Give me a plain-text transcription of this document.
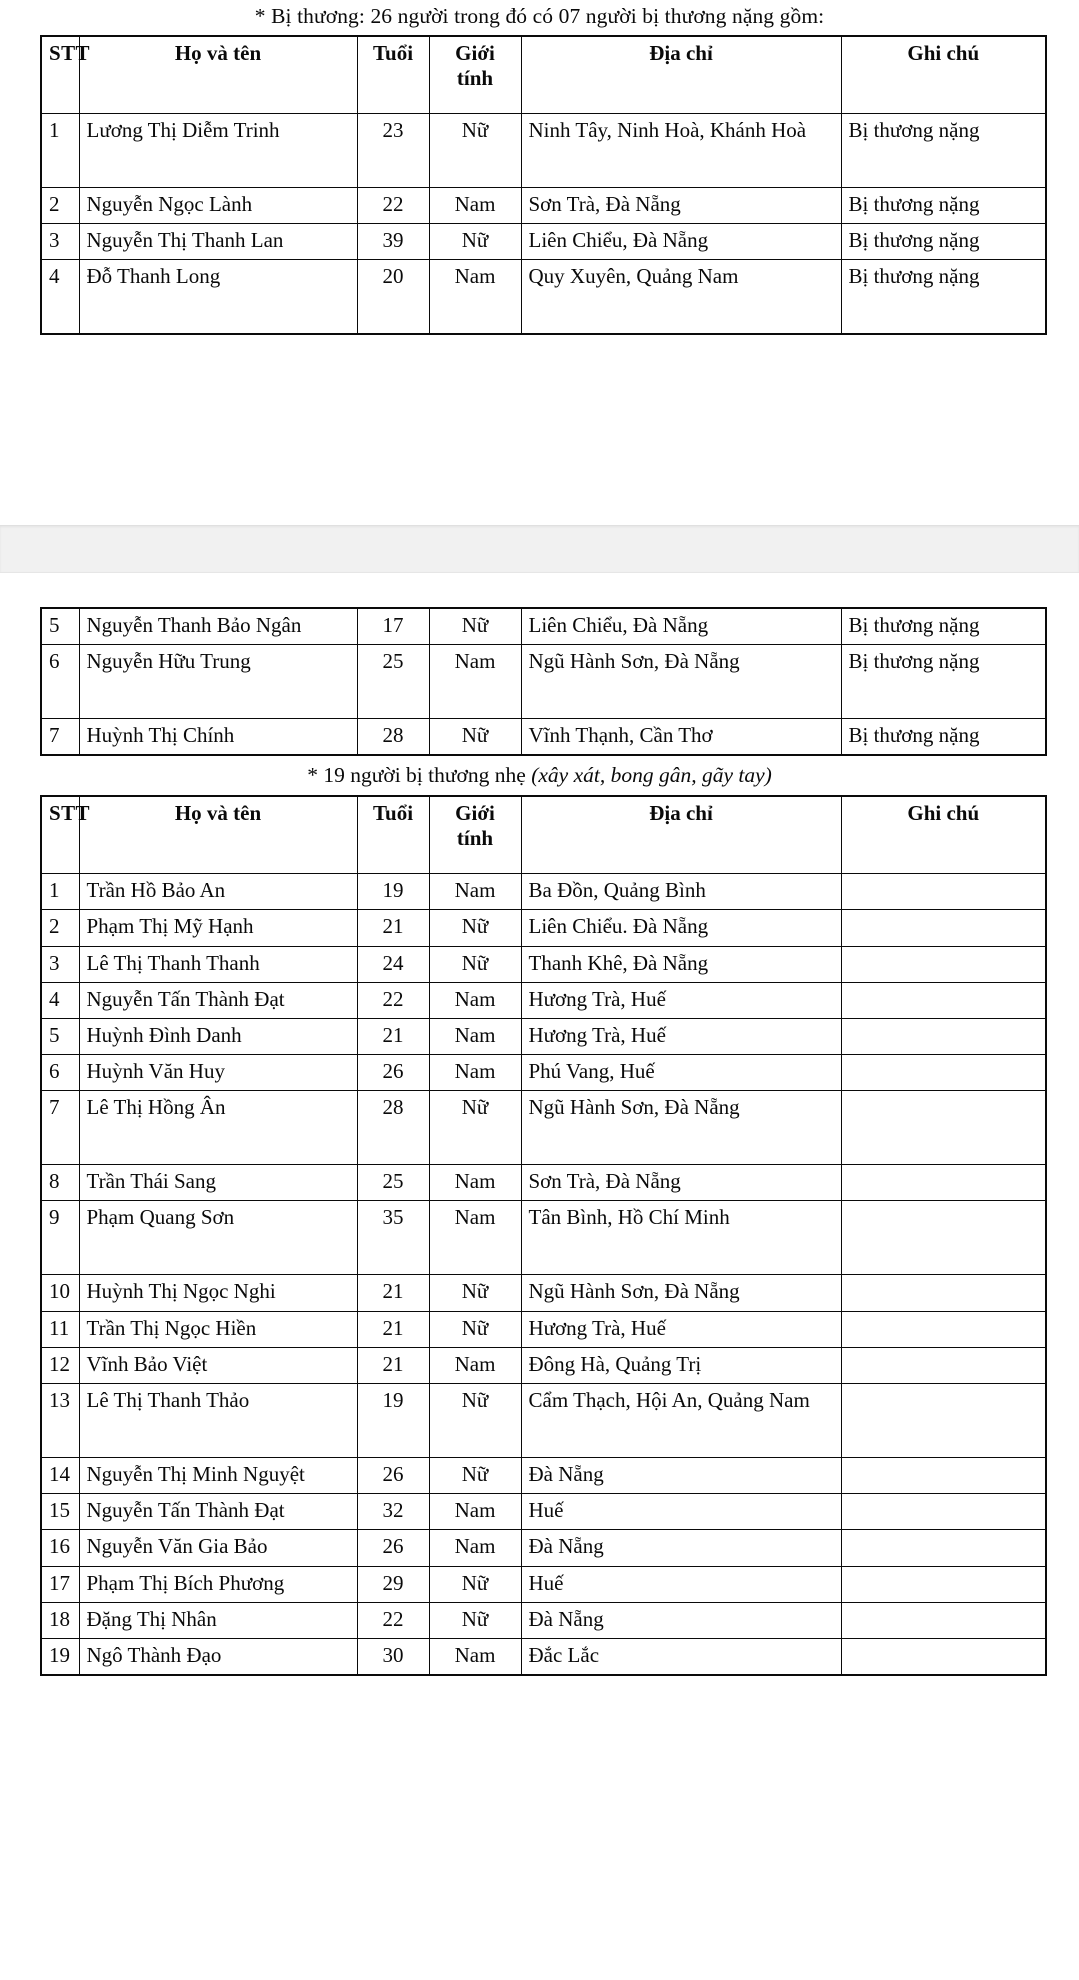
* Bị thương: 26 người trong đó có 07 người bị thương nặng gồm:

STT	Họ và tên	Tuổi	Giới tính	Địa chỉ	Ghi chú
1	Lương Thị Diễm Trinh	23	Nữ	Ninh Tây, Ninh Hoà, Khánh Hoà	Bị thương nặng
2	Nguyễn Ngọc Lành	22	Nam	Sơn Trà, Đà Nẵng	Bị thương nặng
3	Nguyễn Thị Thanh Lan	39	Nữ	Liên Chiểu, Đà Nẵng	Bị thương nặng
4	Đỗ Thanh Long	20	Nam	Quy Xuyên, Quảng Nam	Bị thương nặng
5	Nguyễn Thanh Bảo Ngân	17	Nữ	Liên Chiểu, Đà Nẵng	Bị thương nặng
6	Nguyễn Hữu Trung	25	Nam	Ngũ Hành Sơn, Đà Nẵng	Bị thương nặng
7	Huỳnh Thị Chính	28	Nữ	Vĩnh Thạnh, Cần Thơ	Bị thương nặng

* 19 người bị thương nhẹ (xây xát, bong gân, gãy tay)

STT	Họ và tên	Tuổi	Giới tính	Địa chỉ	Ghi chú
1	Trần Hồ Bảo An	19	Nam	Ba Đồn, Quảng Bình	
2	Phạm Thị Mỹ Hạnh	21	Nữ	Liên Chiểu. Đà Nẵng	
3	Lê Thị Thanh Thanh	24	Nữ	Thanh Khê, Đà Nẵng	
4	Nguyễn Tấn Thành Đạt	22	Nam	Hương Trà, Huế	
5	Huỳnh Đình Danh	21	Nam	Hương Trà, Huế	
6	Huỳnh Văn Huy	26	Nam	Phú Vang, Huế	
7	Lê Thị Hồng Ân	28	Nữ	Ngũ Hành Sơn, Đà Nẵng	
8	Trần Thái Sang	25	Nam	Sơn Trà, Đà Nẵng	
9	Phạm Quang Sơn	35	Nam	Tân Bình, Hồ Chí Minh	
10	Huỳnh Thị Ngọc Nghi	21	Nữ	Ngũ Hành Sơn, Đà Nẵng	
11	Trần Thị Ngọc Hiền	21	Nữ	Hương Trà, Huế	
12	Vĩnh Bảo Việt	21	Nam	Đông Hà, Quảng Trị	
13	Lê Thị Thanh Thảo	19	Nữ	Cẩm Thạch, Hội An, Quảng Nam	
14	Nguyễn Thị Minh Nguyệt	26	Nữ	Đà Nẵng	
15	Nguyễn Tấn Thành Đạt	32	Nam	Huế	
16	Nguyễn Văn Gia Bảo	26	Nam	Đà Nẵng	
17	Phạm Thị Bích Phương	29	Nữ	Huế	
18	Đặng Thị Nhân	22	Nữ	Đà Nẵng	
19	Ngô Thành Đạo	30	Nam	Đắc Lắc	
